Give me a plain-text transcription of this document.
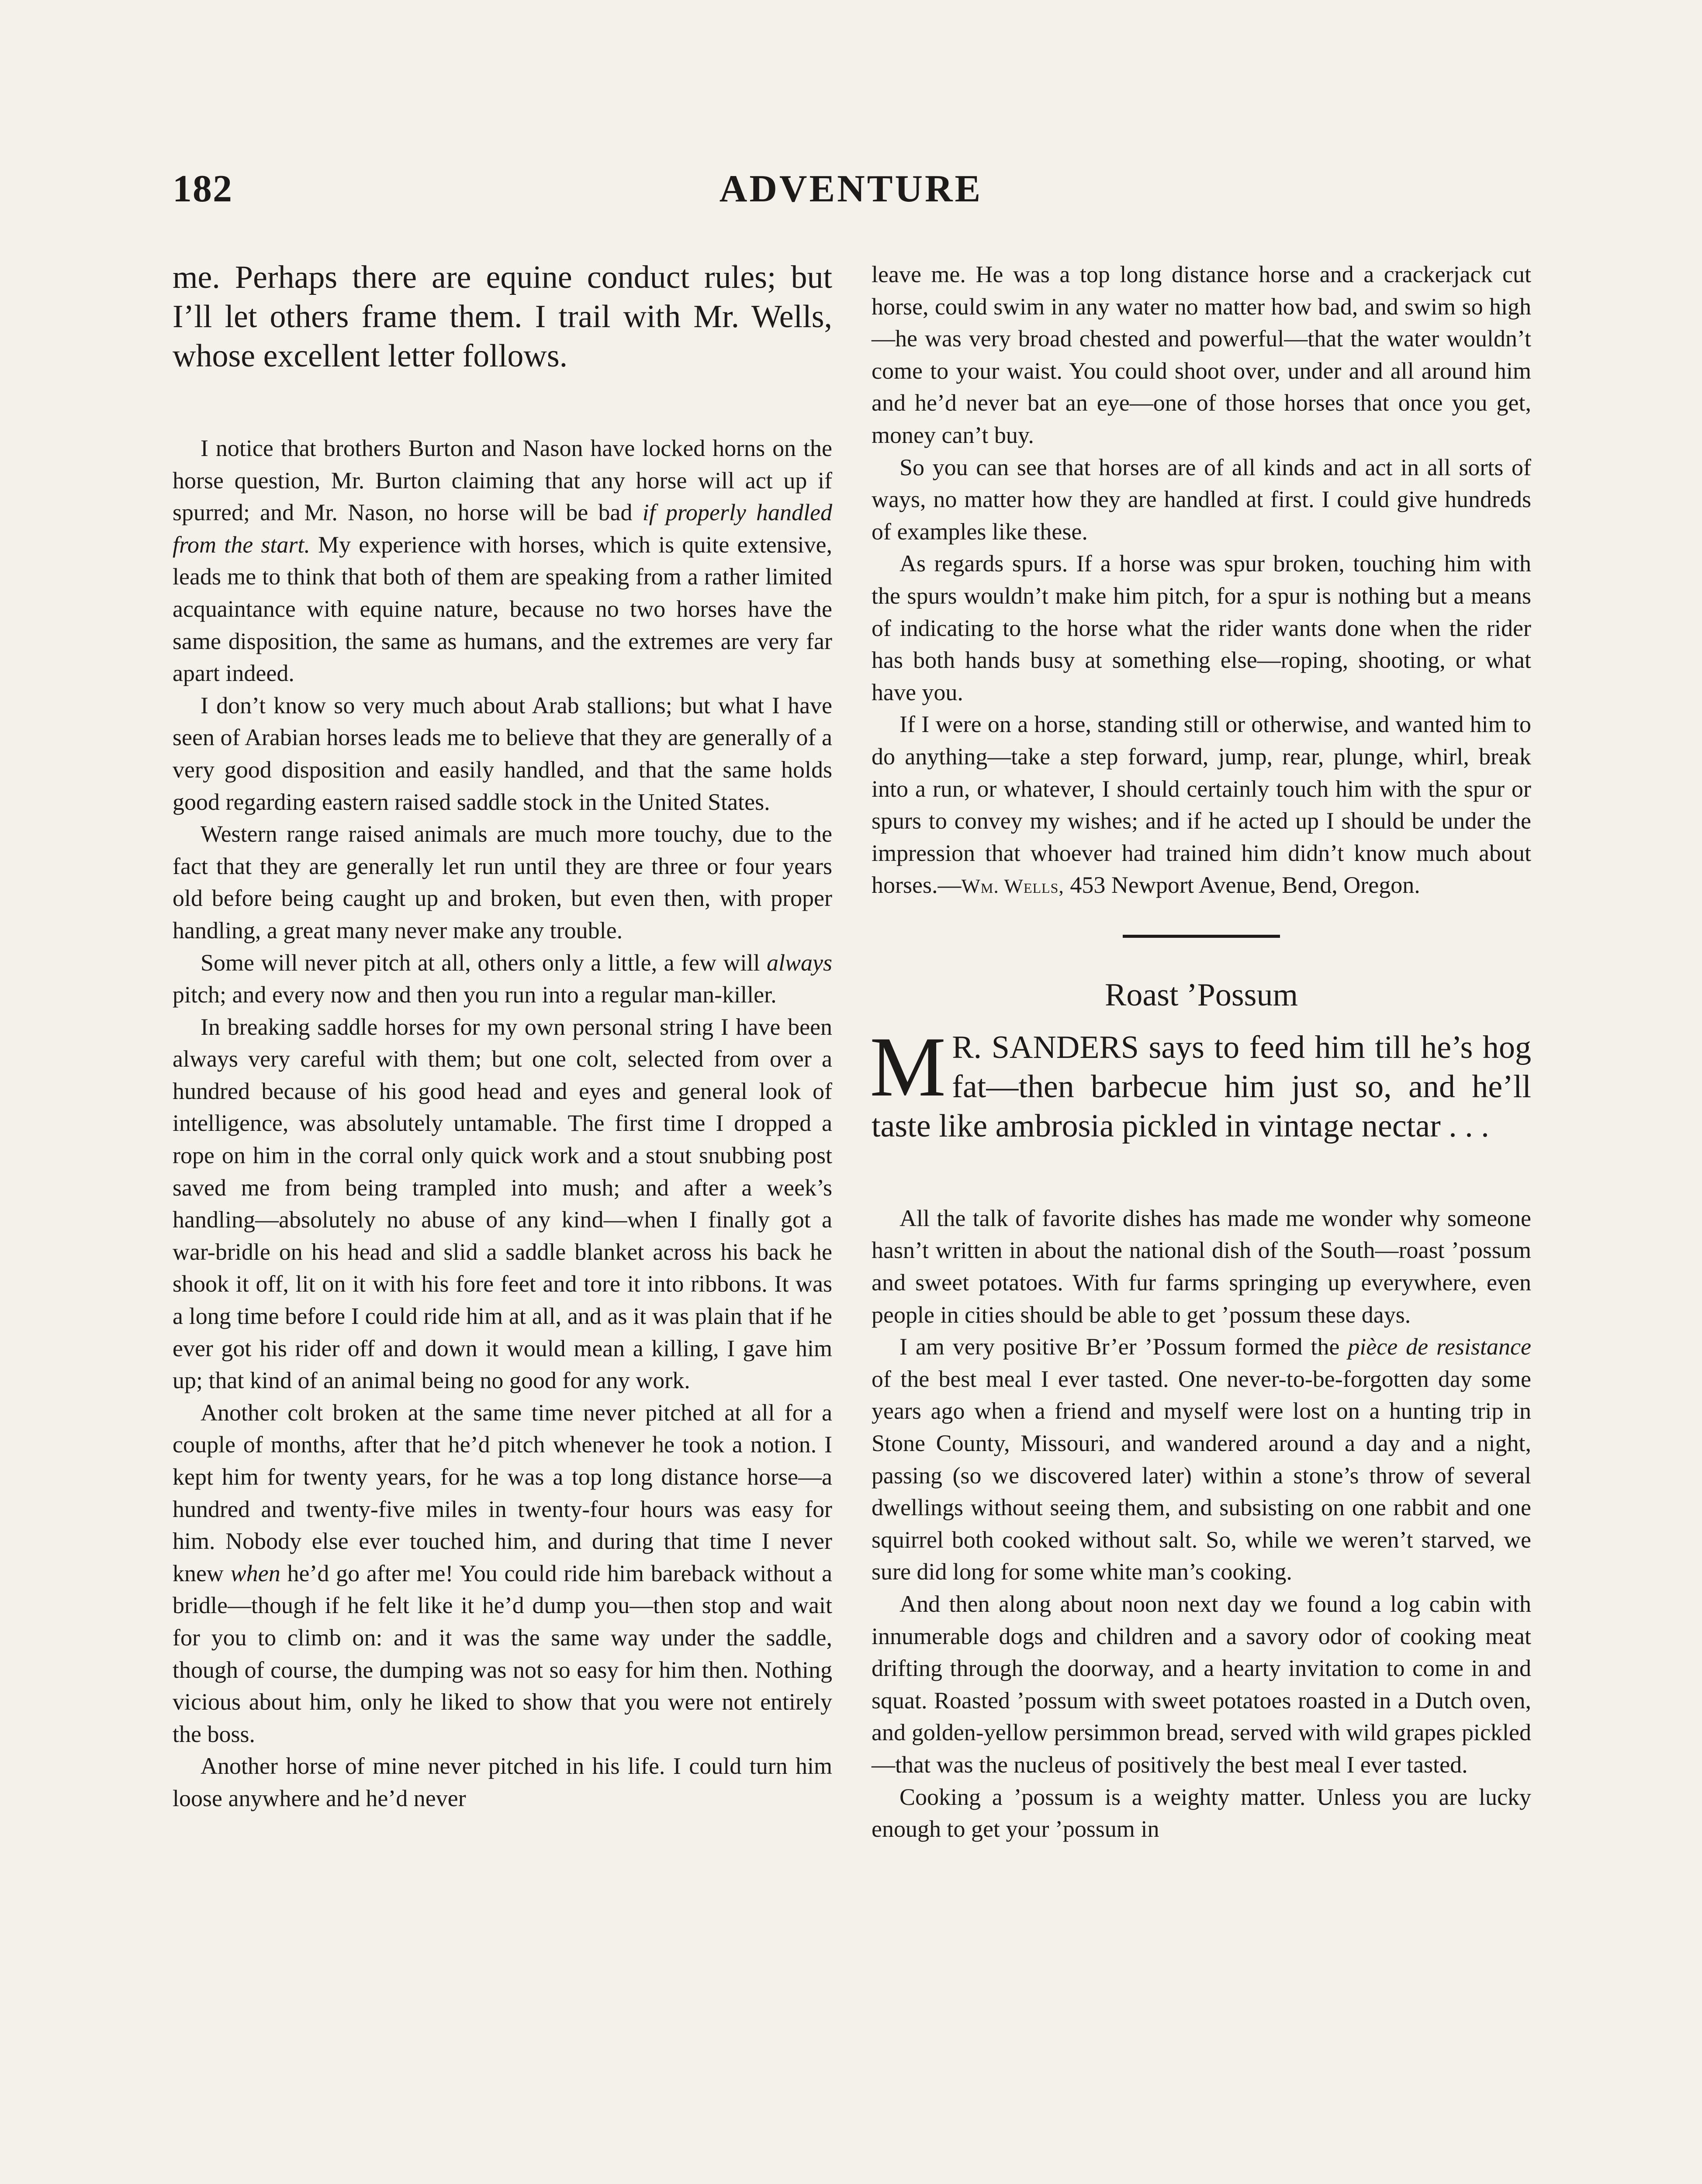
182	ADVENTURE

me. Perhaps there are equine conduct rules; but I’ll let others frame them. I trail with Mr. Wells, whose excellent letter follows.

I notice that brothers Burton and Nason have locked horns on the horse question, Mr. Burton claiming that any horse will act up if spurred; and Mr. Nason, no horse will be bad if properly handled from the start. My experience with horses, which is quite extensive, leads me to think that both of them are speaking from a rather limited acquaintance with equine nature, because no two horses have the same disposition, the same as humans, and the extremes are very far apart indeed.

I don’t know so very much about Arab stallions; but what I have seen of Arabian horses leads me to believe that they are generally of a very good disposition and easily handled, and that the same holds good regarding eastern raised saddle stock in the United States.

Western range raised animals are much more touchy, due to the fact that they are generally let run until they are three or four years old before being caught up and broken, but even then, with proper handling, a great many never make any trouble.

Some will never pitch at all, others only a little, a few will always pitch; and every now and then you run into a regular man-killer.

In breaking saddle horses for my own personal string I have been always very careful with them; but one colt, selected from over a hundred because of his good head and eyes and general look of intelligence, was absolutely untamable. The first time I dropped a rope on him in the corral only quick work and a stout snubbing post saved me from being trampled into mush; and after a week’s handling—absolutely no abuse of any kind—when I finally got a war-bridle on his head and slid a saddle blanket across his back he shook it off, lit on it with his fore feet and tore it into ribbons. It was a long time before I could ride him at all, and as it was plain that if he ever got his rider off and down it would mean a killing, I gave him up; that kind of an animal being no good for any work.

Another colt broken at the same time never pitched at all for a couple of months, after that he’d pitch whenever he took a notion. I kept him for twenty years, for he was a top long distance horse—a hundred and twenty-five miles in twenty-four hours was easy for him. Nobody else ever touched him, and during that time I never knew when he’d go after me! You could ride him bareback without a bridle—though if he felt like it he’d dump you—then stop and wait for you to climb on: and it was the same way under the saddle, though of course, the dumping was not so easy for him then. Nothing vicious about him, only he liked to show that you were not entirely the boss.

Another horse of mine never pitched in his life. I could turn him loose anywhere and he’d never

leave me. He was a top long distance horse and a crackerjack cut horse, could swim in any water no matter how bad, and swim so high—he was very broad chested and powerful—that the water wouldn’t come to your waist. You could shoot over, under and all around him and he’d never bat an eye—one of those horses that once you get, money can’t buy.

So you can see that horses are of all kinds and act in all sorts of ways, no matter how they are handled at first. I could give hundreds of examples like these.

As regards spurs. If a horse was spur broken, touching him with the spurs wouldn’t make him pitch, for a spur is nothing but a means of indicating to the horse what the rider wants done when the rider has both hands busy at something else—roping, shooting, or what have you.

If I were on a horse, standing still or otherwise, and wanted him to do anything—take a step forward, jump, rear, plunge, whirl, break into a run, or whatever, I should certainly touch him with the spur or spurs to convey my wishes; and if he acted up I should be under the impression that whoever had trained him didn’t know much about horses.—Wm. Wells, 453 Newport Avenue, Bend, Oregon.

Roast ’Possum

M R. SANDERS says to feed him till he’s hog fat—then barbecue him just so, and he’ll taste like ambrosia pickled in vintage nectar . . .

All the talk of favorite dishes has made me wonder why someone hasn’t written in about the national dish of the South—roast ’possum and sweet potatoes. With fur farms springing up everywhere, even people in cities should be able to get ’possum these days.

I am very positive Br’er ’Possum formed the pièce de resistance of the best meal I ever tasted. One never-to-be-forgotten day some years ago when a friend and myself were lost on a hunting trip in Stone County, Missouri, and wandered around a day and a night, passing (so we discovered later) within a stone’s throw of several dwellings without seeing them, and subsisting on one rabbit and one squirrel both cooked without salt. So, while we weren’t starved, we sure did long for some white man’s cooking.

And then along about noon next day we found a log cabin with innumerable dogs and children and a savory odor of cooking meat drifting through the doorway, and a hearty invitation to come in and squat. Roasted ’possum with sweet potatoes roasted in a Dutch oven, and golden-yellow persimmon bread, served with wild grapes pickled—that was the nucleus of positively the best meal I ever tasted.

Cooking a ’possum is a weighty matter. Unless you are lucky enough to get your ’possum in
